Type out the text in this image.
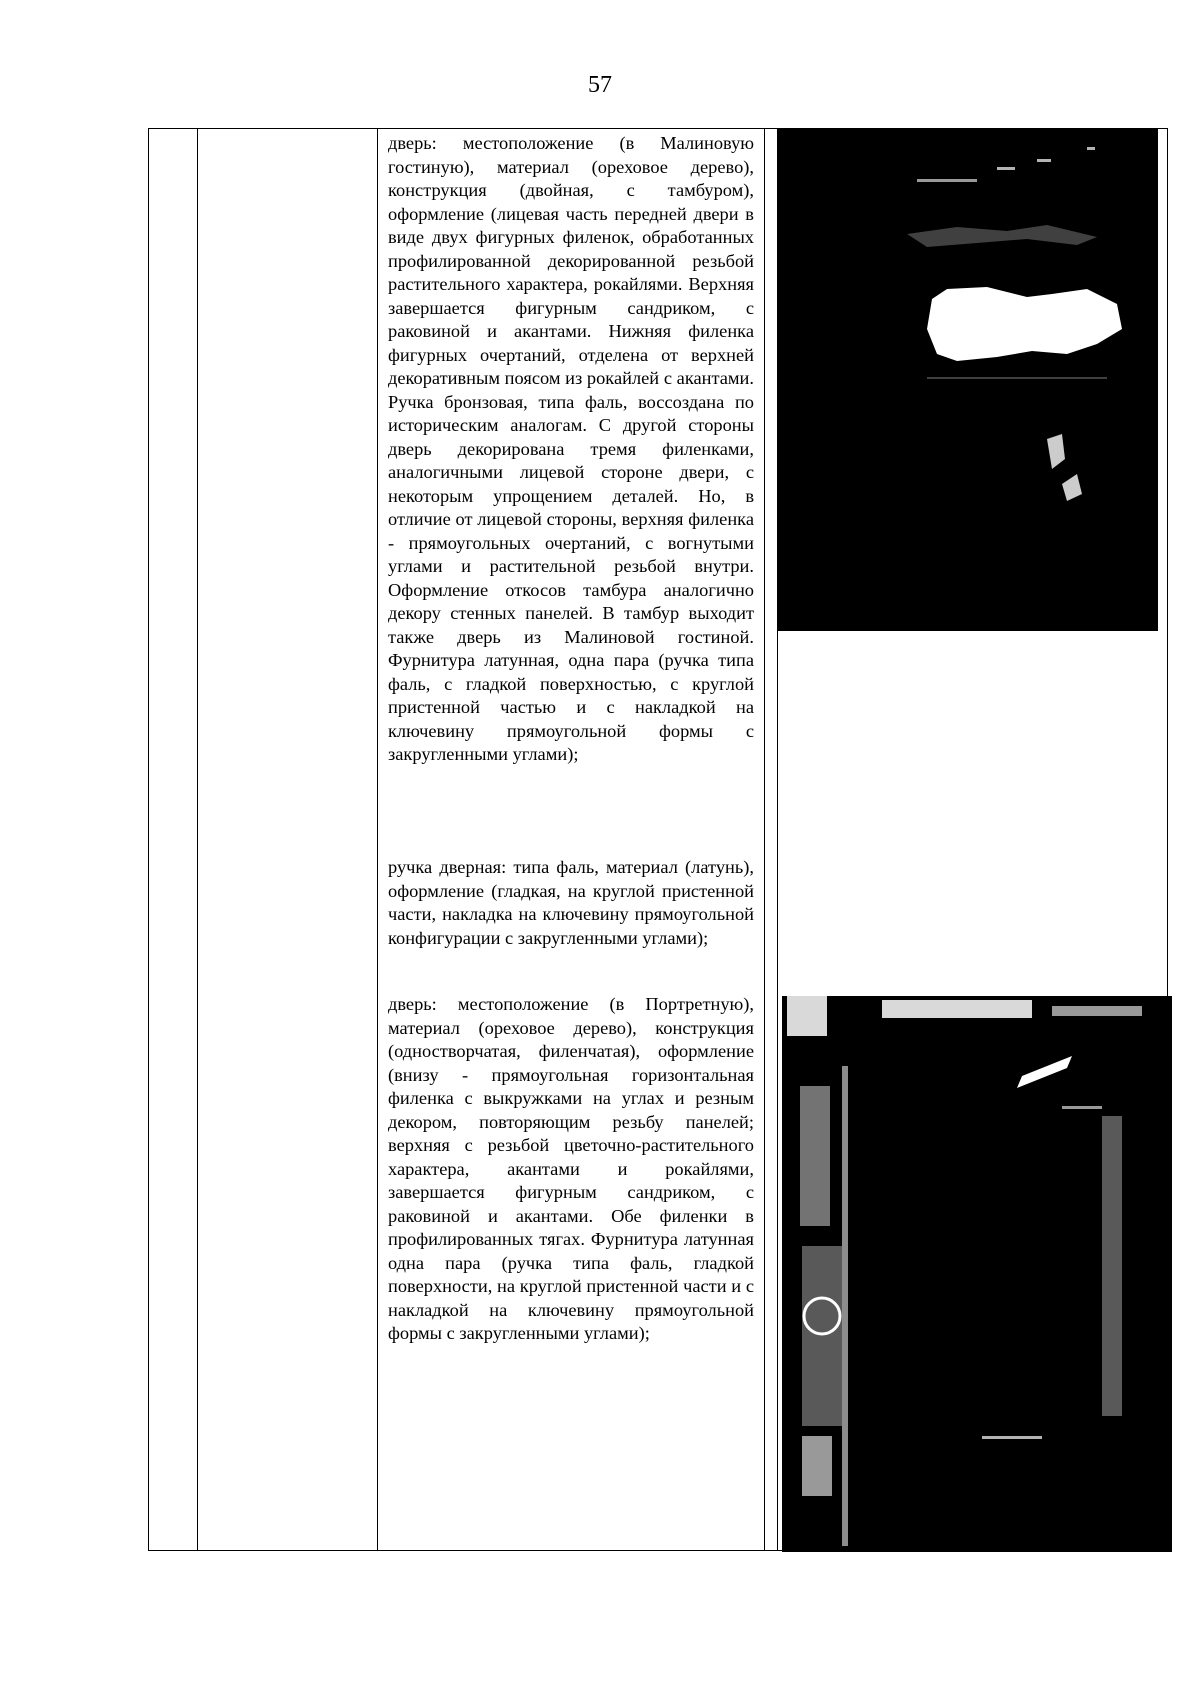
57
дверь: местоположение (в Малиновую гостиную), материал (ореховое дерево), конструкция (двойная, с тамбуром), оформление (лицевая часть передней двери в виде двух фигурных филенок, обработанных профилированной декорированной резьбой растительного характера, рокайлями. Верхняя завершается фигурным сандриком, с раковиной и акантами. Нижняя филенка фигурных очертаний, отделена от верхней декоративным поясом из рокайлей с акантами. Ручка бронзовая, типа фаль, воссоздана по историческим аналогам. С другой стороны дверь декорирована тремя филенками, аналогичными лицевой стороне двери, с некоторым упрощением деталей. Но, в отличие от лицевой стороны, верхняя филенка - прямоугольных очертаний, с вогнутыми углами и растительной резьбой внутри. Оформление откосов тамбура аналогично декору стенных панелей. В тамбур выходит также дверь из Малиновой гостиной. Фурнитура латунная, одна пара (ручка типа фаль, с гладкой поверхностью, с круглой пристенной частью и с накладкой на ключевину прямоугольной формы с закругленными углами);
ручка дверная: типа фаль, материал (латунь), оформление (гладкая, на круглой пристенной части, накладка на ключевину прямоугольной конфигурации с закругленными углами);
дверь: местоположение (в Портретную), материал (ореховое дерево), конструкция (одностворчатая, филенчатая), оформление (внизу - прямоугольная горизонтальная филенка с выкружками на углах и резным декором, повторяющим резьбу панелей; верхняя с резьбой цветочно-растительного характера, акантами и рокайлями, завершается фигурным сандриком, с раковиной и акантами. Обе филенки в профилированных тягах. Фурнитура латунная одна пара (ручка типа фаль, гладкой поверхности, на круглой пристенной части и с накладкой на ключевину прямоугольной формы с закругленными углами);
